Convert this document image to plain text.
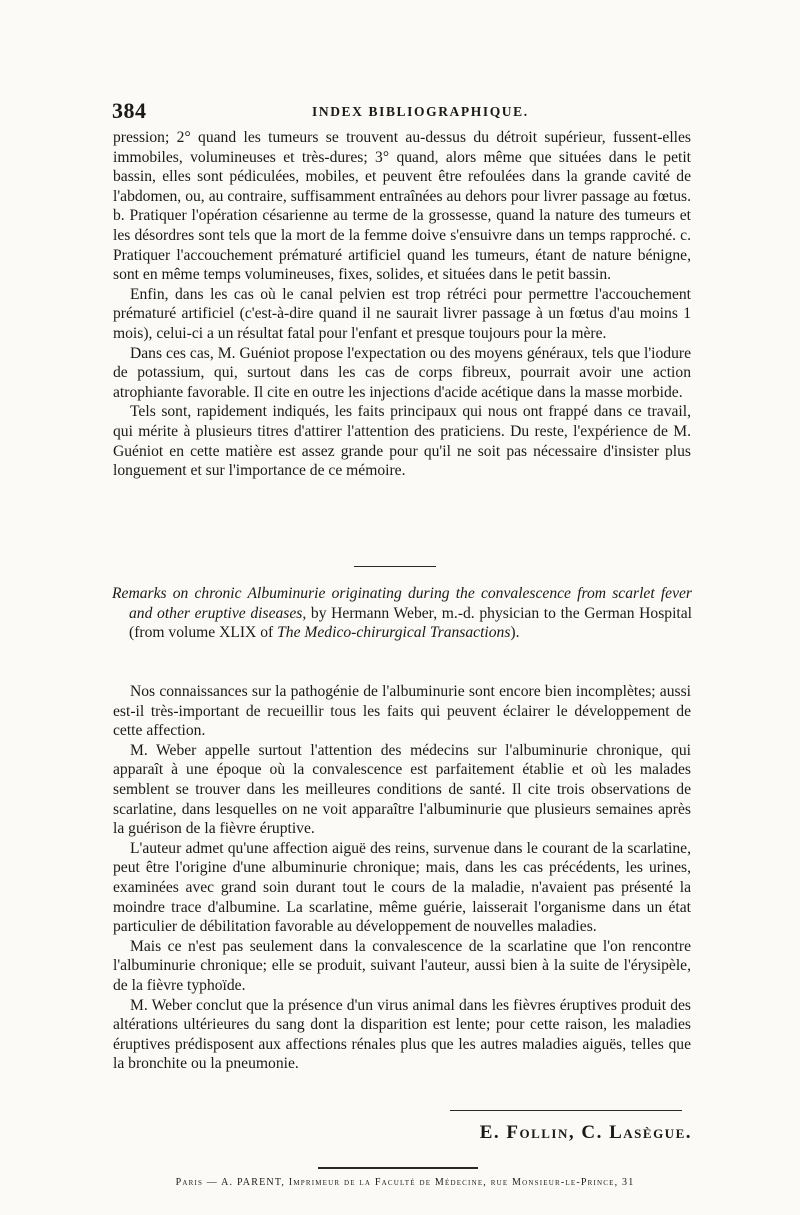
384	INDEX BIBLIOGRAPHIQUE.

pression; 2° quand les tumeurs se trouvent au-dessus du détroit supérieur, fussent-elles immobiles, volumineuses et très-dures; 3° quand, alors même que situées dans le petit bassin, elles sont pédiculées, mobiles, et peuvent être refoulées dans la grande cavité de l'abdomen, ou, au contraire, suffisamment entraînées au dehors pour livrer passage au fœtus. b. Pratiquer l'opération césarienne au terme de la grossesse, quand la nature des tumeurs et les désordres sont tels que la mort de la femme doive s'ensuivre dans un temps rapproché. c. Pratiquer l'accouchement prématuré artificiel quand les tumeurs, étant de nature bénigne, sont en même temps volumineuses, fixes, solides, et situées dans le petit bassin.

Enfin, dans les cas où le canal pelvien est trop rétréci pour permettre l'accouchement prématuré artificiel (c'est-à-dire quand il ne saurait livrer passage à un fœtus d'au moins 1 mois), celui-ci a un résultat fatal pour l'enfant et presque toujours pour la mère.

Dans ces cas, M. Guéniot propose l'expectation ou des moyens généraux, tels que l'iodure de potassium, qui, surtout dans les cas de corps fibreux, pourrait avoir une action atrophiante favorable. Il cite en outre les injections d'acide acétique dans la masse morbide.

Tels sont, rapidement indiqués, les faits principaux qui nous ont frappé dans ce travail, qui mérite à plusieurs titres d'attirer l'attention des praticiens. Du reste, l'expérience de M. Guéniot en cette matière est assez grande pour qu'il ne soit pas nécessaire d'insister plus longuement et sur l'importance de ce mémoire.

Remarks on chronic Albuminurie originating during the convalescence from scarlet fever and other eruptive diseases, by Hermann Weber, m.-d. physician to the German Hospital (from volume XLIX of The Medico-chirurgical Transactions).

Nos connaissances sur la pathogénie de l'albuminurie sont encore bien incomplètes; aussi est-il très-important de recueillir tous les faits qui peuvent éclairer le développement de cette affection.

M. Weber appelle surtout l'attention des médecins sur l'albuminurie chronique, qui apparaît à une époque où la convalescence est parfaitement établie et où les malades semblent se trouver dans les meilleures conditions de santé. Il cite trois observations de scarlatine, dans lesquelles on ne voit apparaître l'albuminurie que plusieurs semaines après la guérison de la fièvre éruptive.

L'auteur admet qu'une affection aiguë des reins, survenue dans le courant de la scarlatine, peut être l'origine d'une albuminurie chronique; mais, dans les cas précédents, les urines, examinées avec grand soin durant tout le cours de la maladie, n'avaient pas présenté la moindre trace d'albumine. La scarlatine, même guérie, laisserait l'organisme dans un état particulier de débilitation favorable au développement de nouvelles maladies.

Mais ce n'est pas seulement dans la convalescence de la scarlatine que l'on rencontre l'albuminurie chronique; elle se produit, suivant l'auteur, aussi bien à la suite de l'érysipèle, de la fièvre typhoïde.

M. Weber conclut que la présence d'un virus animal dans les fièvres éruptives produit des altérations ultérieures du sang dont la disparition est lente; pour cette raison, les maladies éruptives prédisposent aux affections rénales plus que les autres maladies aiguës, telles que la bronchite ou la pneumonie.

E. Follin, C. Lasègue.
Paris — A. PARENT, Imprimeur de la Faculté de Médecine, rue Monsieur-le-Prince, 31
